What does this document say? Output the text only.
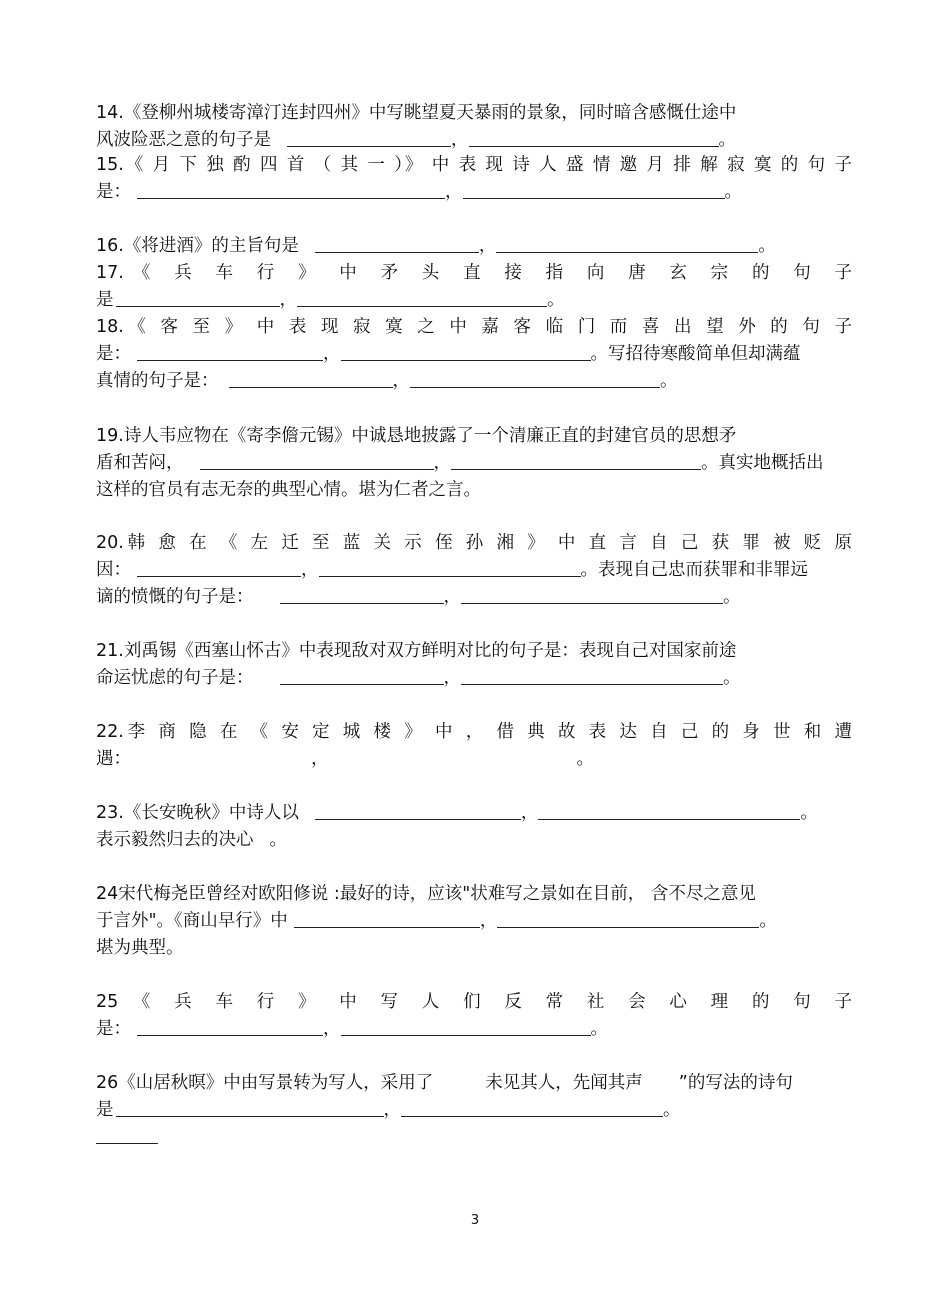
14.《登柳州城楼寄漳汀连封四州》中写眺望夏天暴雨的景象，同时暗含感慨仕途中
风波险恶之意的句子是	，	。
15.《 月 下 独 酌 四 首 （ 其 一 ）》 中 表 现 诗 人 盛 情 邀 月 排 解 寂 寞 的 句 子
是：	，	。
16.《将进酒》的主旨句是	，	。
17.《 兵 车 行 》 中 矛 头 直 接 指 向 唐 玄 宗 的 句 子
是	，	。
18.《 客 至 》 中 表 现 寂 寞 之 中 嘉 客 临 门 而 喜 出 望 外 的 句 子
是：	，	。写招待寒酸简单但却满蕴
真情的句子是：	，	。
19.诗人韦应物在《寄李儋元锡》中诚恳地披露了一个清廉正直的封建官员的思想矛
盾和苦闷，	，	。真实地概括出
这样的官员有志无奈的典型心情。堪为仁者之言。
20.韩 愈 在 《 左 迁 至 蓝 关 示 侄 孙 湘 》 中 直 言 自 己 获 罪 被 贬 原
因：	，	。表现自己忠而获罪和非罪远
谪的愤慨的句子是：	，	。
21.刘禹锡《西塞山怀古》中表现敌对双方鲜明对比的句子是：表现自己对国家前途
命运忧虑的句子是：	，	。
22.李 商 隐 在 《 安 定 城 楼 》 中 ， 借 典 故 表 达 自 己 的 身 世 和 遭
遇：	，	。
23.《长安晚秋》中诗人以	，	。
表示毅然归去的决心 。
24宋代梅尧臣曾经对欧阳修说 :最好的诗，应该"状难写之景如在目前， 含不尽之意见
于言外"。《商山早行》中	，	。
堪为典型。
25 《 兵 车 行 》 中 写 人 们 反 常 社 会 心 理 的 句 子
是：	，	。
26《山居秋暝》中由写景转为写人，采用了	未见其人，先闻其声 ”的写法的诗句
是	，	。
3
